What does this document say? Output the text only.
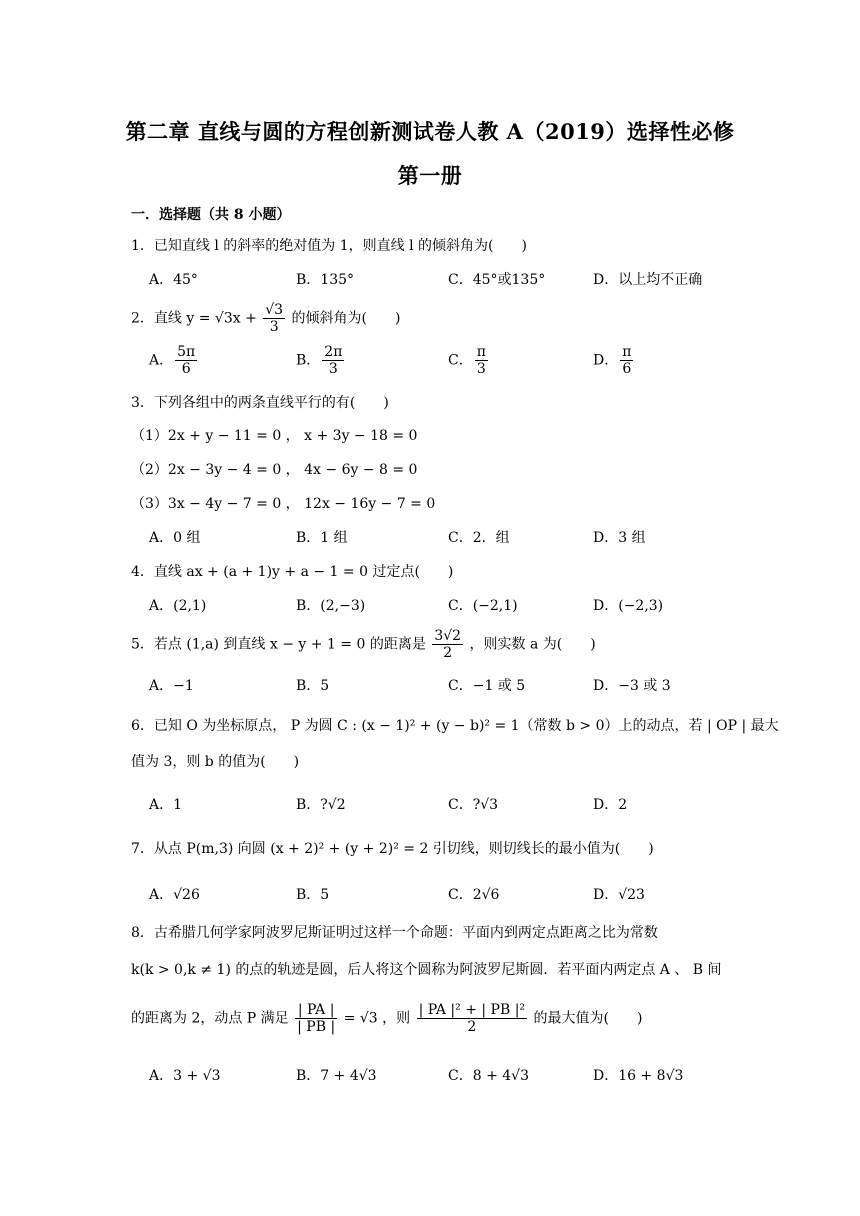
第二章 直线与圆的方程创新测试卷人教 A（2019）选择性必修
第一册
一．选择题（共 8 小题）
1．已知直线 l 的斜率的绝对值为 1，则直线 l 的倾斜角为(　　)
A．45°	B．135°	C．45°或135°	D．以上均不正确
2．直线 $y = √3x + \frac{√3}{3}$ 的倾斜角为(　　)
A． $\frac{5\pi}{6}$	B． $\frac{2\pi}{3}$	C． $\frac{\pi}{3}$	D． $\frac{\pi}{6}$
3．下列各组中的两条直线平行的有(　　)
（1）2x + y − 11 = 0 ， x + 3y − 18 = 0
（2）2x − 3y − 4 = 0 ， 4x − 6y − 8 = 0
（3）3x − 4y − 7 = 0 ， 12x − 16y − 7 = 0
A．0 组	B．1 组	C．2．组	D．3 组
4．直线 ax + (a + 1)y + a − 1 = 0 过定点(　　)
A．(2,1)	B．(2,−3)	C．(−2,1)	D．(−2,3)
5．若点 (1,a) 到直线 x − y + 1 = 0 的距离是 $\frac{3√2}{2}$ ，则实数 a 为(　　)
A．−1	B．5	C．−1 或 5	D．−3 或 3
6．已知 O 为坐标原点， P 为圆 C : (x − 1)² + (y − b)² = 1（常数 b > 0）上的动点，若 | OP | 最大
值为 3，则 b 的值为(　　)
A．1	B．?√2	C．?√3	D．2
7．从点 P(m,3) 向圆 (x + 2)² + (y + 2)² = 2 引切线，则切线长的最小值为(　　)
A．√26	B．5	C．2√6	D．√23
8．古希腊几何学家阿波罗尼斯证明过这样一个命题：平面内到两定点距离之比为常数
k(k > 0,k ≠ 1) 的点的轨迹是圆，后人将这个圆称为阿波罗尼斯圆．若平面内两定点 A 、 B 间
的距离为 2，动点 P 满足 $\frac{| PA |}{| PB |} = √3$ ，则 $\frac{\text{| PA |² + | PB |²}}{2}$ 的最大值为(　　)
A．3 + √3	B．7 + 4√3	C．8 + 4√3	D．16 + 8√3
